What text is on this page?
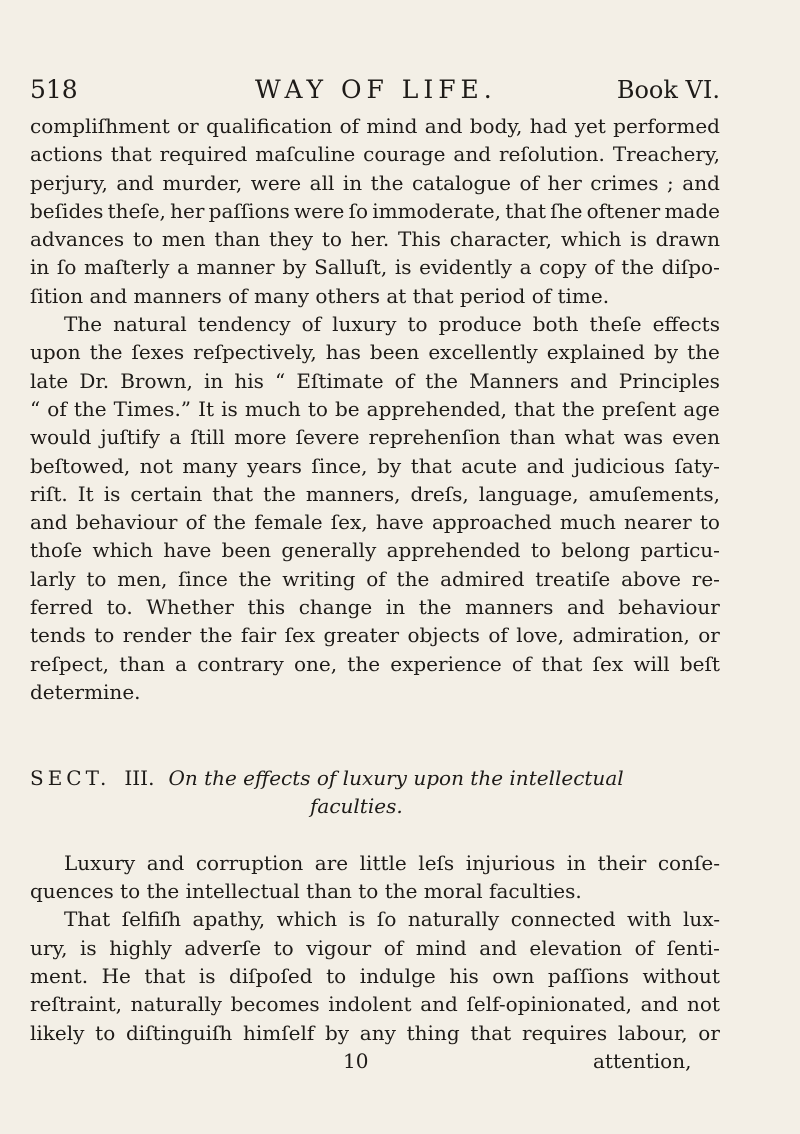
518	WAY OF LIFE.	Book VI.
compliſhment or qualification of mind and body, had yet performed
actions that required maſculine courage and reſolution. Treachery,
perjury, and murder, were all in the catalogue of her crimes ; and
beſides theſe, her paſſions were ſo immoderate, that ſhe oftener made
advances to men than they to her. This character, which is drawn
in ſo maſterly a manner by Salluſt, is evidently a copy of the diſpo-
ſition and manners of many others at that period of time.
The natural tendency of luxury to produce both theſe effects
upon the ſexes reſpectively, has been excellently explained by the
late Dr. Brown, in his “ Eſtimate of the Manners and Principles
“ of the Times.” It is much to be apprehended, that the preſent age
would juſtify a ſtill more ſevere reprehenſion than what was even
beſtowed, not many years ſince, by that acute and judicious ſaty-
riſt. It is certain that the manners, dreſs, language, amuſements,
and behaviour of the female ſex, have approached much nearer to
thoſe which have been generally apprehended to belong particu-
larly to men, ſince the writing of the admired treatiſe above re-
ferred to. Whether this change in the manners and behaviour
tends to render the fair ſex greater objects of love, admiration, or
reſpect, than a contrary one, the experience of that ſex will beſt
determine.
SECT. III. On the effects of luxury upon the intellectual
faculties.
Luxury and corruption are little leſs injurious in their conſe-
quences to the intellectual than to the moral faculties.
That ſelfiſh apathy, which is ſo naturally connected with lux-
ury, is highly adverſe to vigour of mind and elevation of ſenti-
ment. He that is diſpoſed to indulge his own paſſions without
reſtraint, naturally becomes indolent and ſelf-opinionated, and not
likely to diſtinguiſh himſelf by any thing that requires labour, or
10	attention,
